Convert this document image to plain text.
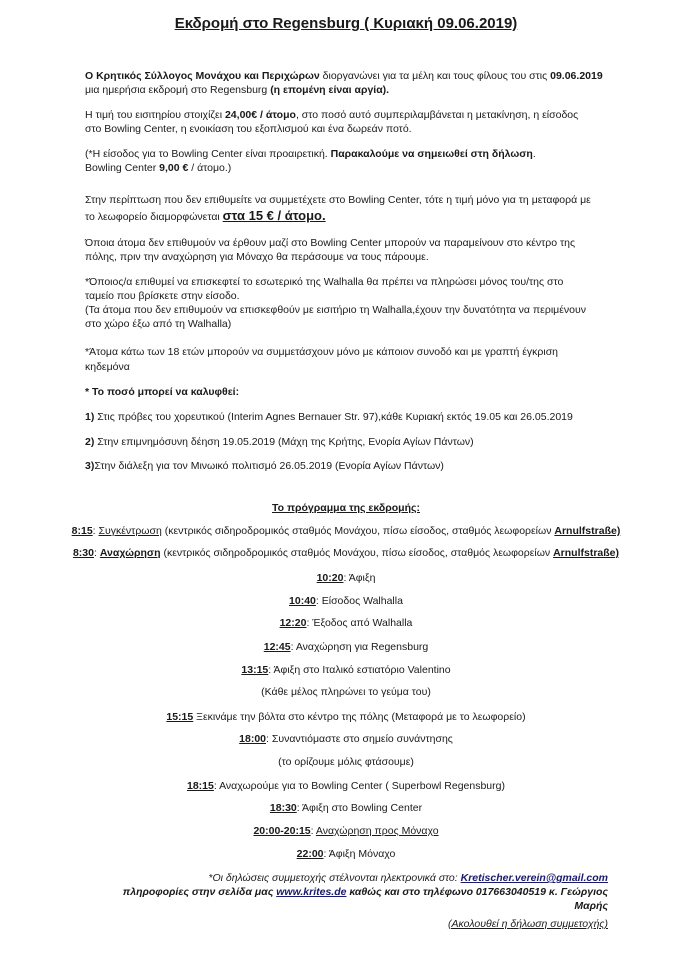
Εκδρομή στο Regensburg ( Κυριακή 09.06.2019)
Ο Κρητικός Σύλλογος Μονάχου και Περιχώρων διοργανώνει για τα μέλη και τους φίλους του στις 09.06.2019
μια ημερήσια εκδρομή στο Regensburg (η επομένη είναι αργία).
Η τιμή του εισιτηρίου στοιχίζει 24,00€ / άτομο, στο ποσό αυτό συμπεριλαμβάνεται η μετακίνηση, η είσοδος
στο Bowling Center, η ενοικίαση του εξοπλισμού και ένα δωρεάν ποτό.
(*Η είσοδος για το Bowling Center είναι προαιρετική. Παρακαλούμε να σημειωθεί στη δήλωση.
Bowling Center 9,00 € / άτομο.)
Στην περίπτωση που δεν επιθυμείτε να συμμετέχετε στο Bowling Center, τότε η τιμή μόνο για τη μεταφορά με
το λεωφορείο διαμορφώνεται στα 15 € / άτομο.
Όποια άτομα δεν επιθυμούν να έρθουν μαζί στο Bowling Center μπορούν να παραμείνουν στο κέντρο της
πόλης, πριν την αναχώρηση για Μόναχο θα περάσουμε να τους πάρουμε.
*Όποιος/α επιθυμεί να επισκεφτεί το εσωτερικό της Walhalla θα πρέπει να πληρώσει μόνος του/της στο
ταμείο που βρίσκετε στην είσοδο.
(Τα άτομα που δεν επιθυμούν να επισκεφθούν με εισιτήριο τη Walhalla,έχουν την δυνατότητα να περιμένουν
στο χώρο έξω από τη Walhalla)
*Άτομα κάτω των 18 ετών μπορούν να συμμετάσχουν μόνο με κάποιον συνοδό και με γραπτή έγκριση
κηδεμόνα
* Το ποσό μπορεί να καλυφθεί:
1) Στις πρόβες του χορευτικού (Interim Agnes Bernauer Str. 97),κάθε Κυριακή εκτός 19.05 και 26.05.2019
2) Στην επιμνημόσυνη δέηση 19.05.2019 (Μάχη της Κρήτης, Ενορία Αγίων Πάντων)
3)Στην διάλεξη για τον Μινωικό πολιτισμό 26.05.2019 (Ενορία Αγίων Πάντων)
Το πρόγραμμα της εκδρομής:
8:15: Συγκέντρωση (κεντρικός σιδηροδρομικός σταθμός Μονάχου, πίσω είσοδος, σταθμός λεωφορείων Arnulfstraße)
8:30: Αναχώρηση (κεντρικός σιδηροδρομικός σταθμός Μονάχου, πίσω είσοδος, σταθμός λεωφορείων Arnulfstraße)
10:20: Άφιξη
10:40: Είσοδος Walhalla
12:20: Έξοδος από Walhalla
12:45: Αναχώρηση για Regensburg
13:15: Άφιξη στο Ιταλικό εστιατόριο Valentino
(Κάθε μέλος πληρώνει το γεύμα του)
15:15 Ξεκινάμε την βόλτα στο κέντρο της πόλης (Μεταφορά με το λεωφορείο)
18:00: Συναντιόμαστε στο σημείο συνάντησης
(το ορίζουμε μόλις φτάσουμε)
18:15: Αναχωρούμε για το Bowling Center ( Superbowl Regensburg)
18:30: Άφιξη στο Bowling Center
20:00-20:15: Αναχώρηση προς Μόναχο
22:00: Άφιξη Μόναχο
*Οι δηλώσεις συμμετοχής στέλνονται ηλεκτρονικά στο: Kretischer.verein@gmail.com
πληροφορίες στην σελίδα μας www.krites.de καθώς και στο τηλέφωνο 017663040519 κ. Γεώργιος
Μαρής
(Ακολουθεί η δήλωση συμμετοχής)
